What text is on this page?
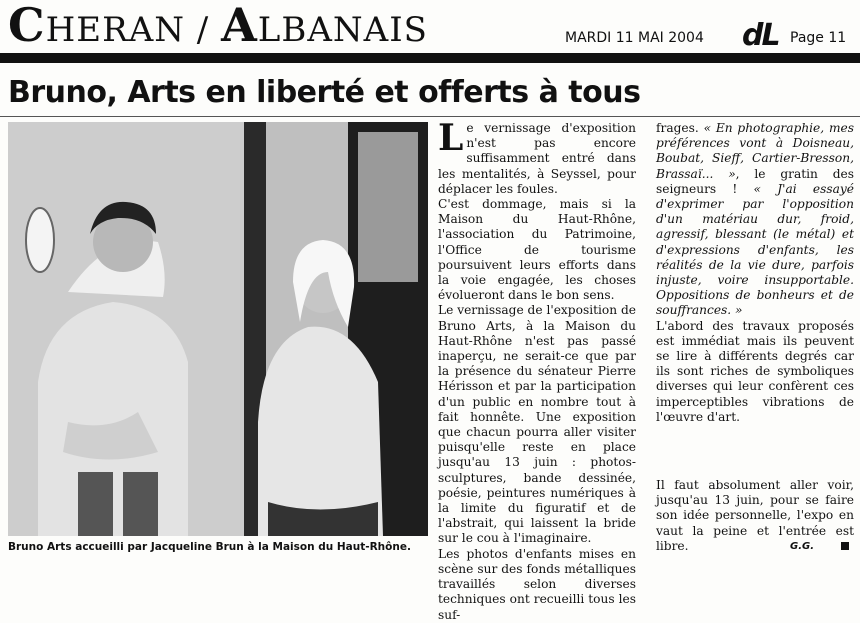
CHERAN / ALBANAIS	MARDI 11 MAI 2004 dL Page 11
Bruno, Arts en liberté et offerts à tous
Bruno Arts accueilli par Jacqueline Brun à la Maison du Haut-Rhône.

Le vernissage d'exposition n'est pas encore suffisamment entré dans les mentalités, à Seyssel, pour déplacer les foules.

C'est dommage, mais si la Maison du Haut-Rhône, l'association du Patrimoine, l'Office de tourisme poursuivent leurs efforts dans la voie engagée, les choses évolueront dans le bon sens.

Le vernissage de l'exposition de Bruno Arts, à la Maison du Haut-Rhône n'est pas passé inaperçu, ne serait-ce que par la présence du sénateur Pierre Hérisson et par la participation d'un public en nombre tout à fait honnête. Une exposition que chacun pourra aller visiter puisqu'elle reste en place jusqu'au 13 juin : photos-sculptures, bande dessinée, poésie, peintures numériques à la limite du figuratif et de l'abstrait, qui laissent la bride sur le cou à l'imaginaire.

Les photos d'enfants mises en scène sur des fonds métalliques travaillés selon diverses techniques ont recueilli tous les suf-

frages. « En photographie, mes préférences vont à Doisneau, Boubat, Sieff, Cartier-Bresson, Brassaï... », le gratin des seigneurs ! « J'ai essayé d'exprimer par l'opposition d'un matériau dur, froid, agressif, blessant (le métal) et d'expressions d'enfants, les réalités de la vie dure, parfois injuste, voire insupportable. Oppositions de bonheurs et de souffrances. »

L'abord des travaux proposés est immédiat mais ils peuvent se lire à différents degrés car ils sont riches de symboliques diverses qui leur confèrent ces imperceptibles vibrations de l'œuvre d'art.

Il faut absolument aller voir, jusqu'au 13 juin, pour se faire son idée personnelle, l'expo en vaut la peine et l'entrée est libre.	G.G.
